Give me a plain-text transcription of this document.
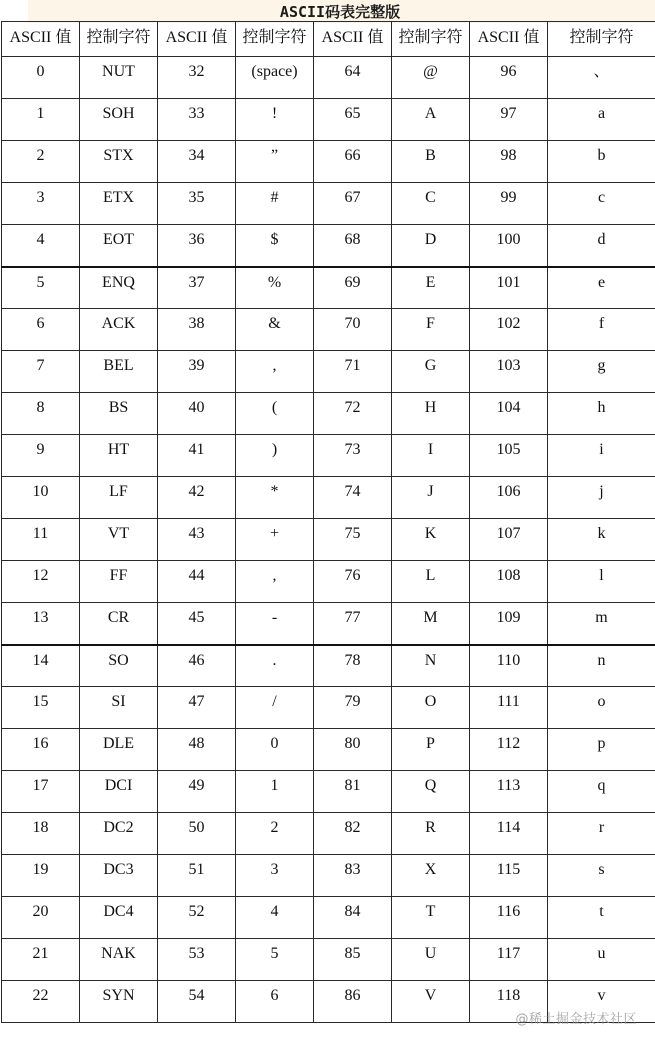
ASCII码表完整版
ASCII 值	控制字符	ASCII 值	控制字符	ASCII 值	控制字符	ASCII 值	控制字符
0	NUT	32	(space)	64	@	96	、
1	SOH	33	!	65	A	97	a
2	STX	34	”	66	B	98	b
3	ETX	35	#	67	C	99	c
4	EOT	36	$	68	D	100	d
5	ENQ	37	%	69	E	101	e
6	ACK	38	&	70	F	102	f
7	BEL	39	,	71	G	103	g
8	BS	40	(	72	H	104	h
9	HT	41	)	73	I	105	i
10	LF	42	*	74	J	106	j
11	VT	43	+	75	K	107	k
12	FF	44	,	76	L	108	l
13	CR	45	-	77	M	109	m
14	SO	46	.	78	N	110	n
15	SI	47	/	79	O	111	o
16	DLE	48	0	80	P	112	p
17	DCI	49	1	81	Q	113	q
18	DC2	50	2	82	R	114	r
19	DC3	51	3	83	X	115	s
20	DC4	52	4	84	T	116	t
21	NAK	53	5	85	U	117	u
22	SYN	54	6	86	V	118	v
@稀土掘金技术社区
